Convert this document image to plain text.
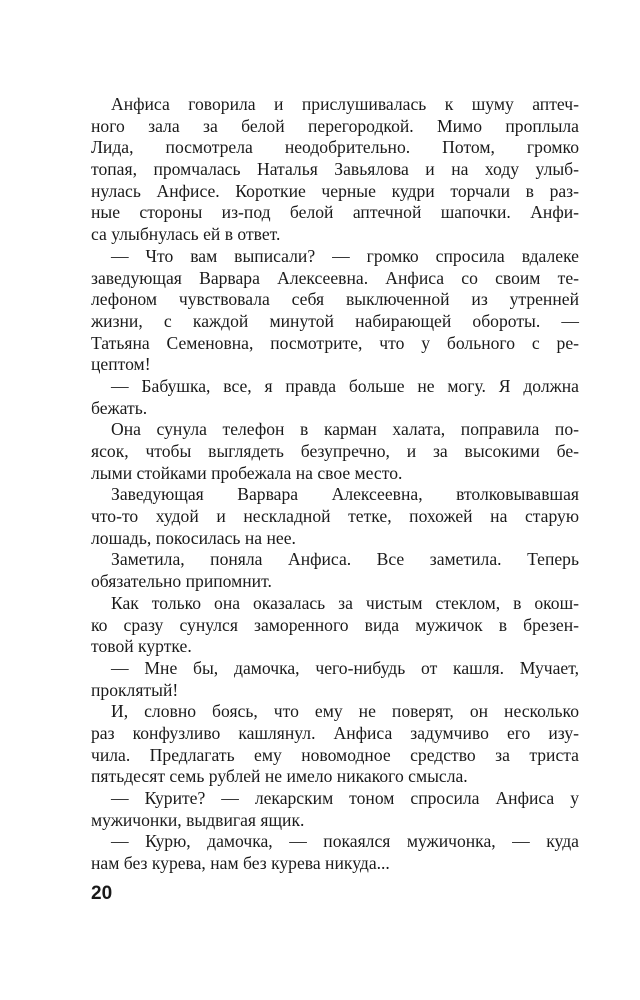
Анфиса говорила и прислушивалась к шуму аптеч-
ного зала за белой перегородкой. Мимо проплыла
Лида, посмотрела неодобрительно. Потом, громко
топая, промчалась Наталья Завьялова и на ходу улыб-
нулась Анфисе. Короткие черные кудри торчали в раз-
ные стороны из-под белой аптечной шапочки. Анфи-
са улыбнулась ей в ответ.
— Что вам выписали? — громко спросила вдалеке
заведующая Варвара Алексеевна. Анфиса со своим те-
лефоном чувствовала себя выключенной из утренней
жизни, с каждой минутой набирающей обороты. —
Татьяна Семеновна, посмотрите, что у больного с ре-
цептом!
— Бабушка, все, я правда больше не могу. Я должна
бежать.
Она сунула телефон в карман халата, поправила по-
ясок, чтобы выглядеть безупречно, и за высокими бе-
лыми стойками пробежала на свое место.
Заведующая Варвара Алексеевна, втолковывавшая
что-то худой и нескладной тетке, похожей на старую
лошадь, покосилась на нее.
Заметила, поняла Анфиса. Все заметила. Теперь
обязательно припомнит.
Как только она оказалась за чистым стеклом, в окош-
ко сразу сунулся заморенного вида мужичок в брезен-
товой куртке.
— Мне бы, дамочка, чего-нибудь от кашля. Мучает,
проклятый!
И, словно боясь, что ему не поверят, он несколько
раз конфузливо кашлянул. Анфиса задумчиво его изу-
чила. Предлагать ему новомодное средство за триста
пятьдесят семь рублей не имело никакого смысла.
— Курите? — лекарским тоном спросила Анфиса у
мужичонки, выдвигая ящик.
— Курю, дамочка, — покаялся мужичонка, — куда
нам без курева, нам без курева никуда...
20
